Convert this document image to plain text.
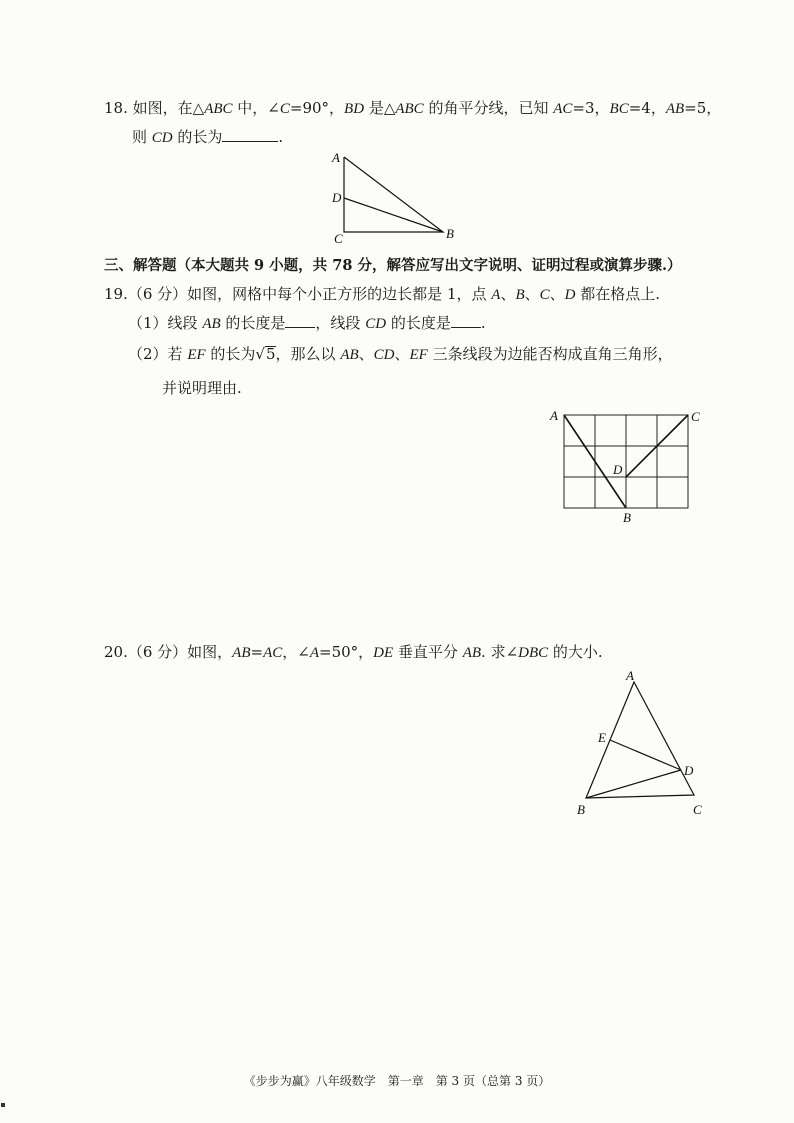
18. 如图，在△ABC 中，∠C=90°，BD 是△ABC 的角平分线，已知 AC=3，BC=4，AB=5，
则 CD 的长为	.
A
D
C	B
三、解答题（本大题共 9 小题，共 78 分，解答应写出文字说明、证明过程或演算步骤.）
19.（6 分）如图，网格中每个小正方形的边长都是 1，点 A、B、C、D 都在格点上.
（1）线段 AB 的长度是 ，线段 CD 的长度是 .
（2）若 EF 的长为√5，那么以 AB、CD、EF 三条线段为边能否构成直角三角形，
并说明理由.
A	C
D
B
20.（6 分）如图，AB=AC，∠A=50°，DE 垂直平分 AB. 求∠DBC 的大小.
A
E
D
B	C
《步步为赢》八年级数学　第一章　第 3 页（总第 3 页）
